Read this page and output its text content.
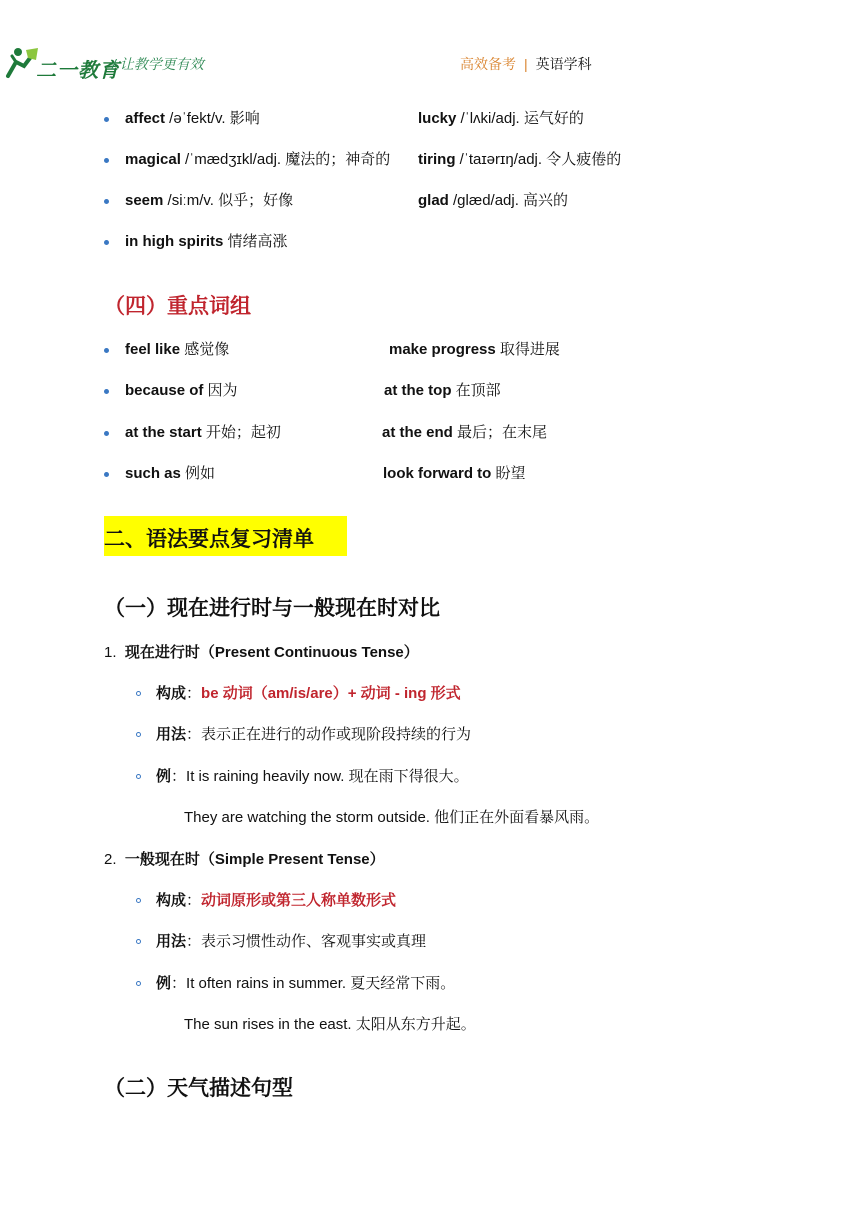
二一教育
/ 让教学更有效	高效备考 | 英语学科
affect /əˈfekt/v. 影响	lucky /ˈlʌki/adj. 运气好的
magical /ˈmædʒɪkl/adj. 魔法的；神奇的 tiring /ˈtaɪərɪŋ/adj. 令人疲倦的
seem /siːm/v. 似乎；好像	glad /glæd/adj. 高兴的
in high spirits 情绪高涨
（四）重点词组
feel like 感觉像	make progress 取得进展
because of 因为	at the top 在顶部
at the start 开始；起初	at the end 最后；在末尾
such as 例如	look forward to 盼望
二、语法要点复习清单
（一）现在进行时与一般现在时对比
1. 现在进行时（Present Continuous Tense）
构成：be 动词（am/is/are）+ 动词 - ing 形式
用法：表示正在进行的动作或现阶段持续的行为
例：It is raining heavily now. 现在雨下得很大。
They are watching the storm outside. 他们正在外面看暴风雨。
2. 一般现在时（Simple Present Tense）
构成：动词原形或第三人称单数形式
用法：表示习惯性动作、客观事实或真理
例：It often rains in summer. 夏天经常下雨。
The sun rises in the east. 太阳从东方升起。
（二）天气描述句型
